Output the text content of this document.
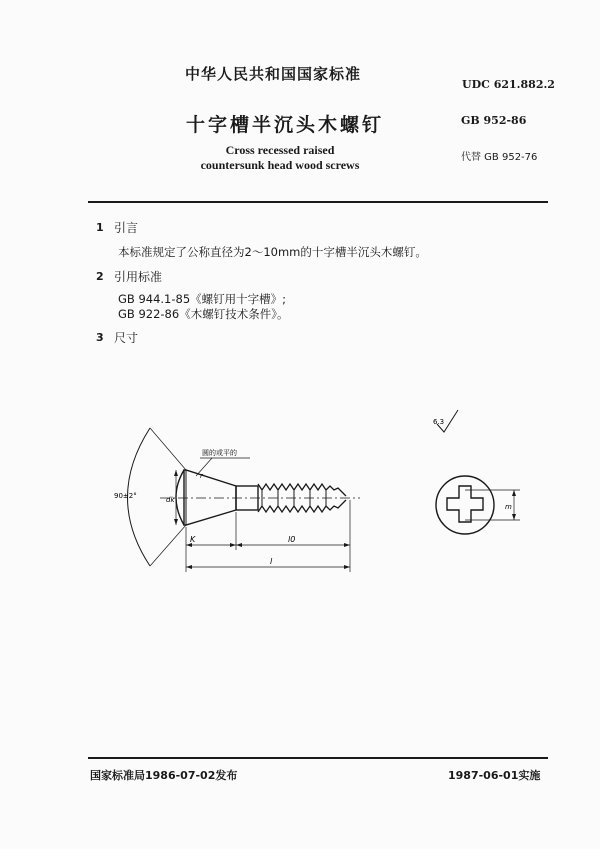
中华人民共和国国家标准
UDC 621.882.2
十字槽半沉头木螺钉	GB 952-86
Cross recessed raised
countersunk head wood screws
代替 GB 952-76
1 引言
本标准规定了公称直径为2～10mm的十字槽半沉头木螺钉。
2 引用标准
GB 944.1-85《螺钉用十字槽》;
GB 922-86《木螺钉技术条件》。
3 尺寸
6.3
圆的或平的
90±2°	dk
r
K	l0
l
m
国家标准局1986-07-02发布	1987-06-01实施
